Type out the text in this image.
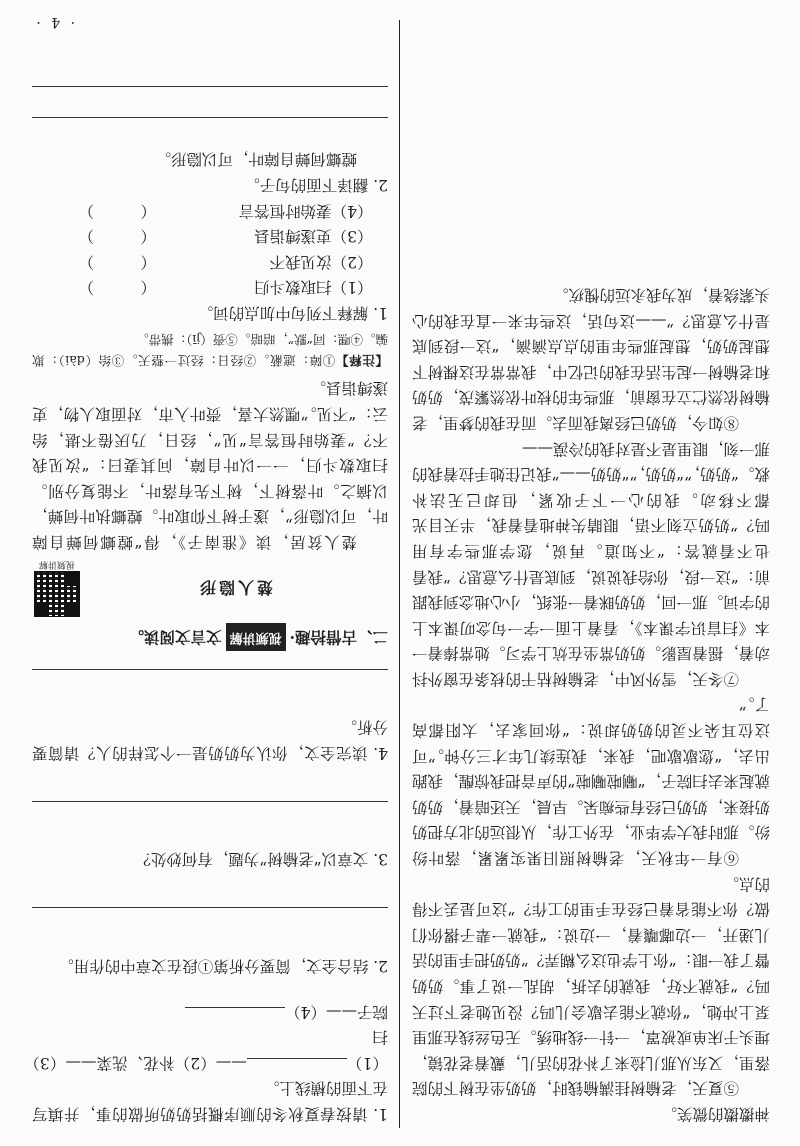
· 4 ·

神擞擞的微笑。

⑤夏天，老榆树挂满榆钱时，奶奶坐在树下的院落里，又东从那儿捡来了补花的活儿，戴着老花镜，埋头于床单或被罩，一针一线地绣。无色丝线在那里泵上冲她，“你就不能去歇会儿吗？没见她老下过天吗？”我就不好，我就的去拆，胡乱一说了事。奶奶瞥了我一眼：“你上学也这么糊弄？”奶奶把手里的活儿递开，一边嘟囔着，一边说：“我就一辈子撂你们做？你不能省着已经在手里的工作？”这可是丢不得的点。

⑥有一年秋天，老榆树照旧果实累累，落叶纷纷。那时我大学毕业，在外工作，从很远的北方把奶奶接来，奶奶已经有些痴呆。早晨，天还暗着，奶奶就起来去扫院子，“唰啦唰啦”的声音把我惊醒，我跑出去，“您歇歇吧，我来，我连续几年才三分钟。”可这位耳朵不灵的奶奶却说：“你回家去，太阳都高了。”

⑦冬天，雪外风中，老榆树枯干的枝条在窗外抖动着，摇着屋影。奶奶常坐在炕上学习。她常捧着一本《扫盲识字课本》，看着上面一字一句念叨课本上的字词。那一回，奶奶眯着一张纸，小心地念到我跟前：“这一段，你给我说说，到底是什么意思？”我看也不看就答：“不知道。再说，您学那些字有用吗？”奶奶立刻不语，眼睛失神地看着我，半天目光都不移动。我的心一下子收紧，但却已无法补救。“奶奶，”“奶奶，”“奶奶——”我记住她手拉着我的那一刻，眼里是不是对我的冷漠——

⑧如今，奶奶已经离我而去。而在我的梦里，老榆树依然伫立在窗前，那些年的枝叶依然繁茂，奶奶和老榆树一起生活在我的记忆中，我常常在这棵树下想起奶奶，想起那些年里的点点滴滴，“这一段到底是什么意思？”——这句话，这些年来一直在我的心头萦绕着，成为我永远的愧疚。

1. 请按春夏秋冬的顺序概括奶奶所做的事，并填写在下面的横线上。

（1）——（2）补花、洗菜——（3）扫
院子——（4）

2. 结合全文，简要分析第①段在文章中的作用。

3. 文章以“老榆树”为题，有何妙处？

4. 读完全文，你认为奶奶是一个怎样的人？请简要分析。

二、
古惜拾趣·
视频讲解
文言文阅读。
楚人隐形
视频讲解

楚人贫居，读《淮南子》，得“螳螂伺蝉自障叶，可以隐形”，遂于树下仰取叶。螳螂执叶伺蝉，以摘之。叶落树下，树下先有落叶，不能复分别。扫取数斗归，一一以叶自障，问其妻曰：“汝见我不？”妻始时恒答言“见”，经日，乃厌倦不堪，绐云：“不见。”嘿然大喜，赍叶入市，对面取人物，吏遂缚诣县。

【注释】①障：遮蔽。②经日：经过一整天。③绐（dài）：欺骗。④嘿：同“默”，暗暗。⑤赍（jī）：携带。

1. 解释下列句中加点的词。

（1）扫取数斗归
（　　　）
（2）汝见我不
（　　　）
（3）吏遂缚诣县
（　　　）
（4）妻始时恒答言
（　　　）

2. 翻译下面的句子。

螳螂伺蝉自障叶，可以隐形。
